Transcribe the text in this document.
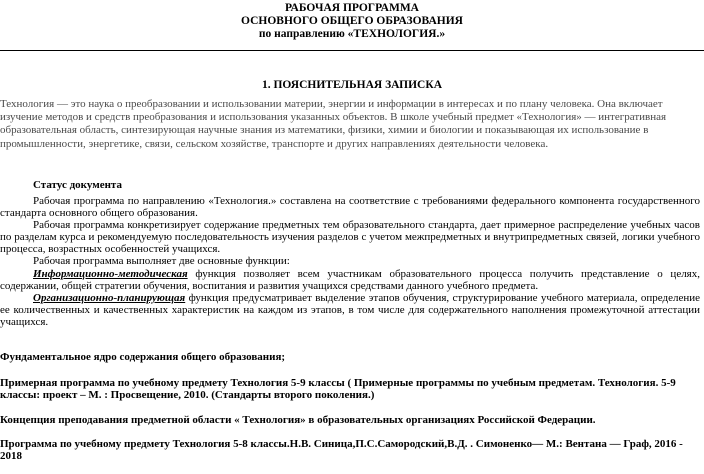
РАБОЧАЯ ПРОГРАММА
ОСНОВНОГО ОБЩЕГО ОБРАЗОВАНИЯ
по направлению «ТЕХНОЛОГИЯ.»
1. ПОЯСНИТЕЛЬНАЯ ЗАПИСКА
Технология — это наука о преобразовании и использовании материи, энергии и информации в интересах и по плану человека. Она включает изучение методов и средств преобразования и использования указанных объектов. В школе учебный предмет «Технология» — интегративная образовательная область, синтезирующая научные знания из математики, физики, химии и биологии и показывающая их использование в промышленности, энергетике, связи, сельском хозяйстве, транспорте и других направлениях деятельности человека.
Статус документа

Рабочая программа по направлению «Технология.» составлена на соответствие с требованиями федерального компонента государственного стандарта основного общего образования.

Рабочая программа конкретизирует содержание предметных тем образовательного стандарта, дает примерное распределение учебных часов по разделам курса и рекомендуемую последовательность изучения разделов с учетом межпредметных и внутрипредметных связей, логики учебного процесса, возрастных особенностей учащихся.

Рабочая программа выполняет две основные функции:

Информационно-методическая функция позволяет всем участникам образовательного процесса получить представление о целях, содержании, общей стратегии обучения, воспитания и развития учащихся средствами данного учебного предмета.

Организационно-планирующая функция предусматривает выделение этапов обучения, структурирование учебного материала, определение ее количественных и качественных характеристик на каждом из этапов, в том числе для содержательного наполнения промежуточной аттестации учащихся.

Фундаментальное ядро содержания общего образования;
Примерная программа по учебному предмету Технология 5-9 классы ( Примерные программы по учебным предметам. Технология. 5-9 классы: проект – М. : Просвещение, 2010. (Стандарты второго поколения.)
Концепция преподавания предметной области « Технология» в образовательных организациях Российской Федерации.
Программа по учебному предмету Технология 5-8 классы.Н.В. Синица,П.С.Самородский,В.Д. . Симоненко— М.: Вентана — Граф, 2016 - 2018
